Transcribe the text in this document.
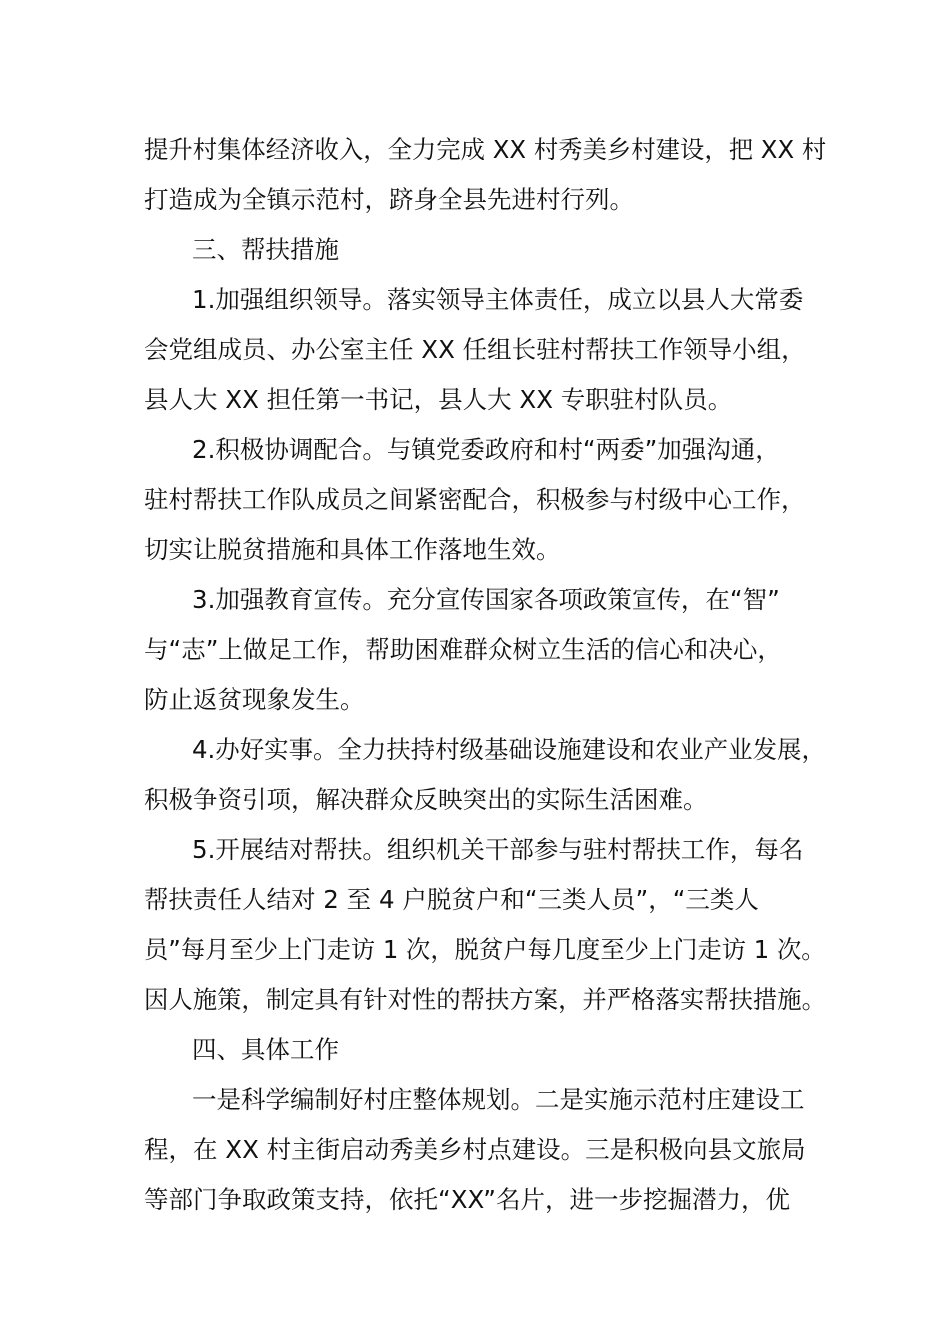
提升村集体经济收入，全力完成 XX 村秀美乡村建设，把 XX 村
打造成为全镇示范村，跻身全县先进村行列。
三、帮扶措施
1.加强组织领导。落实领导主体责任，成立以县人大常委
会党组成员、办公室主任 XX 任组长驻村帮扶工作领导小组，
县人大 XX 担任第一书记，县人大 XX 专职驻村队员。
2.积极协调配合。与镇党委政府和村“两委”加强沟通，
驻村帮扶工作队成员之间紧密配合，积极参与村级中心工作，
切实让脱贫措施和具体工作落地生效。
3.加强教育宣传。充分宣传国家各项政策宣传，在“智”
与“志”上做足工作，帮助困难群众树立生活的信心和决心，
防止返贫现象发生。
4.办好实事。全力扶持村级基础设施建设和农业产业发展，
积极争资引项，解决群众反映突出的实际生活困难。
5.开展结对帮扶。组织机关干部参与驻村帮扶工作，每名
帮扶责任人结对 2 至 4 户脱贫户和“三类人员”，“三类人
员”每月至少上门走访 1 次，脱贫户每几度至少上门走访 1 次。
因人施策，制定具有针对性的帮扶方案，并严格落实帮扶措施。
四、具体工作
一是科学编制好村庄整体规划。二是实施示范村庄建设工
程，在 XX 村主街启动秀美乡村点建设。三是积极向县文旅局
等部门争取政策支持，依托“XX”名片，进一步挖掘潜力，优
